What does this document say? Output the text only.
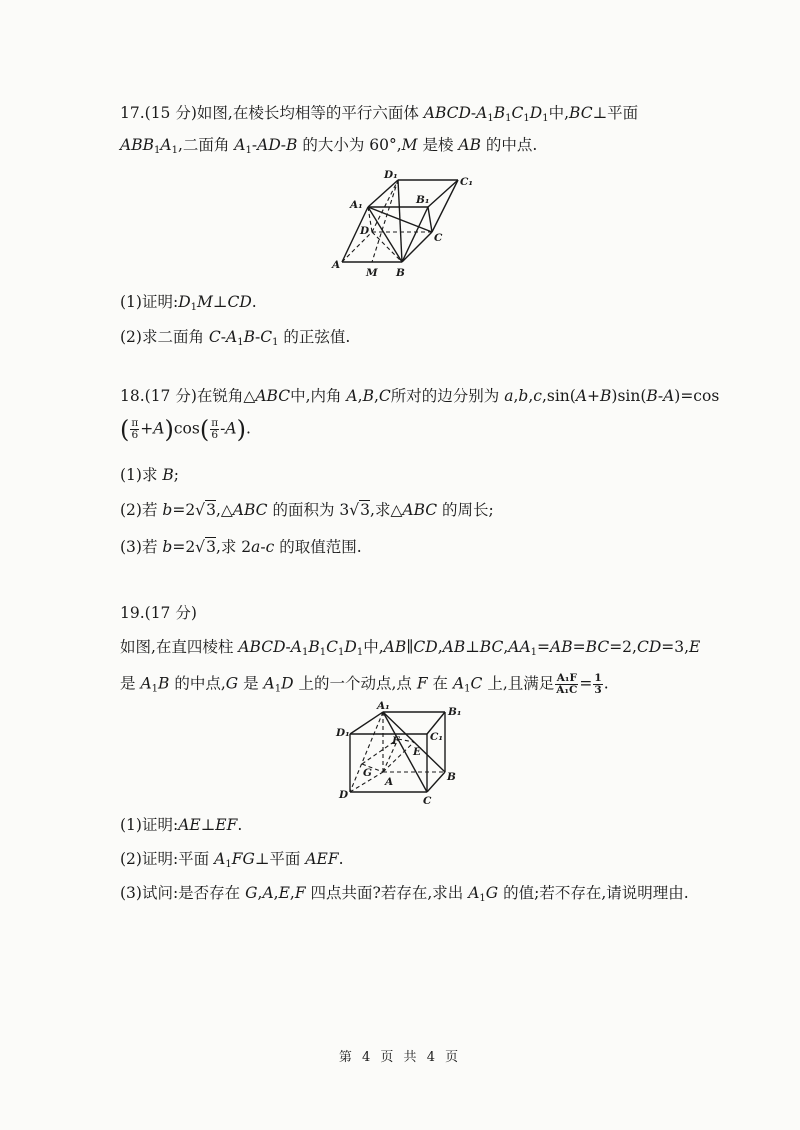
17.(15 分)如图,在棱长均相等的平行六面体 ABCD-$A_1B_1C_1D_1$中,BC⊥平面
$ABB_1A_1$,二面角 $A_1-AD-B$ 的大小为 60°,M 是棱 AB 的中点.
D₁
C₁
A₁	B₁
D
C
A
M B
(1)证明$:D_1M\perp CD$.
(2)求二面角 $C-A_1B-C_1$ 的正弦值.
18.(17 分)在锐角△ABC中,内角 A,B,C所对的边分别为 a,b,c,sin(A+B)sin(B-A)=cos
( $\frac{\pi}{6} +A)\cos( \frac{\pi}{6} -A)$.
(1)求 B;
(2)若 b=2√3,△ABC 的面积为 3√3,求△ABC 的周长;
(3)若 b=2√3,求 2a-c 的取值范围.
19.(17 分)
如图,在直四棱柱 ABCD-$A_1B_1C_1D_1$中$,AB\parallel CD,AB\perp BC,AA_1=AB=BC=2,CD=3,E$
是 $A_1B$ 的中点,G 是 $A_1D$ 上的一个动点,点 F 在 $A_1C$ 上,且满足 $\frac{\text{A₁F}}{\text{A₁C}} = \frac{1}{3}$ .
A₁	B₁
D₁	C₁
F
E
G
A	B
D	C
(1)证明:AE⊥EF.
(2)证明:平面 $A_1FG\perp$平面 AEF.
(3)试问:是否存在 G,A,E,F 四点共面?若存在,求出 $A_1G$ 的值;若不存在,请说明理由.
第 4 页 共 4 页
